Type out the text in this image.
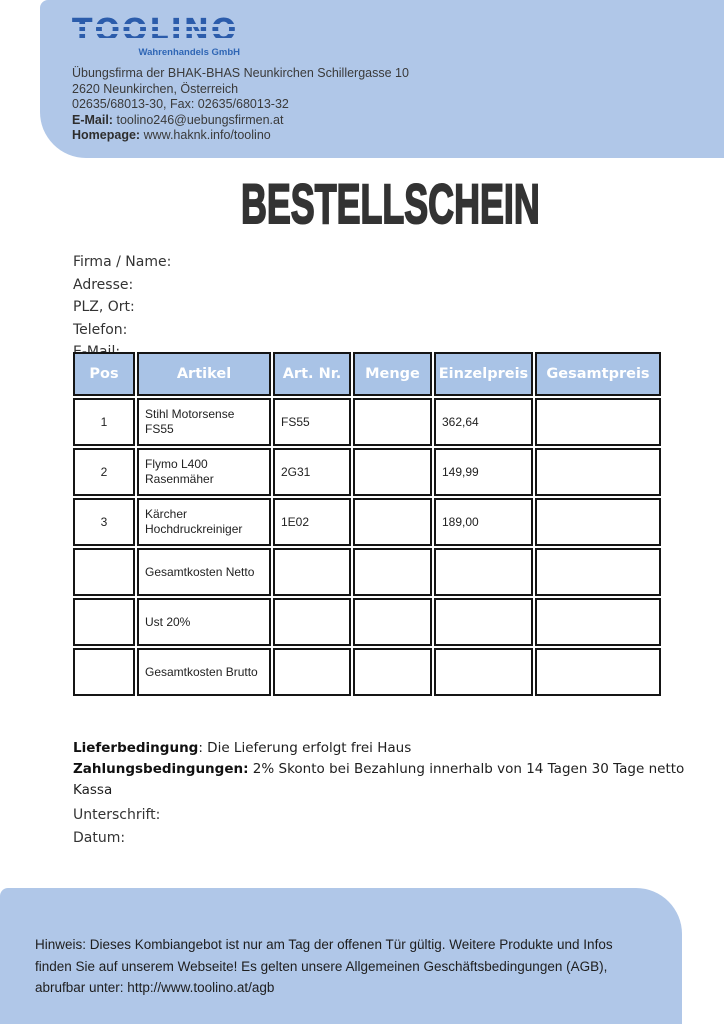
Wahrenhandels GmbH
Übungsfirma der BHAK-BHAS Neunkirchen Schillergasse 10
2620 Neunkirchen, Österreich
02635/68013-30, Fax: 02635/68013-32
E-Mail: toolino246@uebungsfirmen.at
Homepage: www.haknk.info/toolino
BESTELLSCHEIN
Firma / Name:
Adresse:
PLZ, Ort:
Telefon:
Pos	Artikel	Art. Nr.	Menge	Einzelpreis	Gesamtpreis
1	Stihl Motorsense FS55	FS55		362,64	
2	Flymo L400 Rasenmäher	2G31		149,99	
3	Kärcher Hochdruckreiniger	1E02		189,00	
	Gesamtkosten Netto				
	Ust 20%				
	Gesamtkosten Brutto				
Lieferbedingung: Die Lieferung erfolgt frei Haus
Zahlungsbedingungen: 2% Skonto bei Bezahlung innerhalb von 14 Tagen 30 Tage netto Kassa
Unterschrift:
Datum:
Hinweis: Dieses Kombiangebot ist nur am Tag der offenen Tür gültig. Weitere Produkte und Infos finden Sie auf unserem Webseite! Es gelten unsere Allgemeinen Geschäftsbedingungen (AGB), abrufbar unter: http://www.toolino.at/agb
